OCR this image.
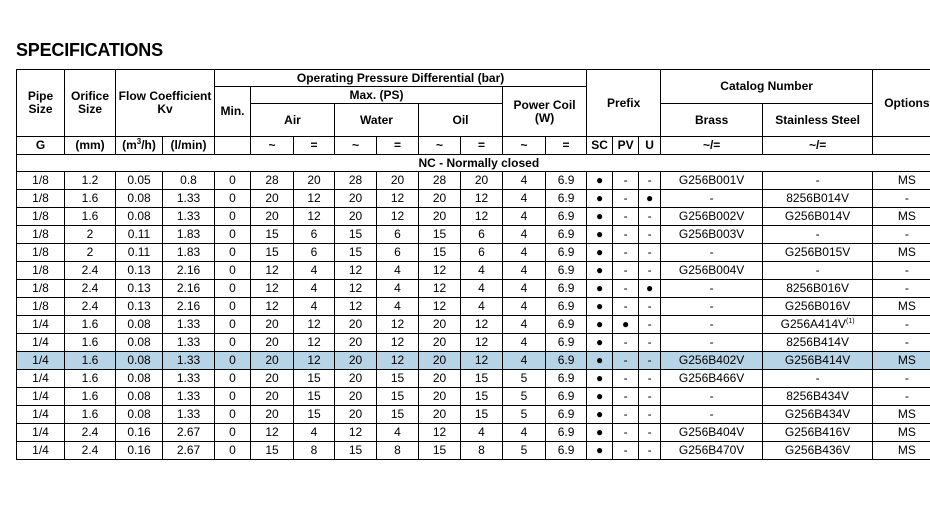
SPECIFICATIONS
Pipe Size	Orifice Size	Flow Coefficient Kv		Operating Pressure Differential (bar)									Prefix			Catalog Number		Options
				Min.	Max. (PS)						Power Coil (W)							
					Air		Water		Oil							Brass	Stainless Steel	
G	(mm)	$(m^3/h)$	(l/min)		~	=	~	=	~	=	~	=	SC	PV	U	~/=	~/=	
NC - Normally closed																		
1/8	1.2	0.05	0.8	0	28	20	28	20	28	20	4	6.9	●	-	-	G256B001V	-	MS
1/8	1.6	0.08	1.33	0	20	12	20	12	20	12	4	6.9	●	-	●	-	8256B014V	-
1/8	1.6	0.08	1.33	0	20	12	20	12	20	12	4	6.9	●	-	-	G256B002V	G256B014V	MS
1/8	2	0.11	1.83	0	15	6	15	6	15	6	4	6.9	●	-	-	G256B003V	-	-
1/8	2	0.11	1.83	0	15	6	15	6	15	6	4	6.9	●	-	-	-	G256B015V	MS
1/8	2.4	0.13	2.16	0	12	4	12	4	12	4	4	6.9	●	-	-	G256B004V	-	-
1/8	2.4	0.13	2.16	0	12	4	12	4	12	4	4	6.9	●	-	●	-	8256B016V	-
1/8	2.4	0.13	2.16	0	12	4	12	4	12	4	4	6.9	●	-	-	-	G256B016V	MS
1/4	1.6	0.08	1.33	0	20	12	20	12	20	12	4	6.9	●	●	-	-	$G256A414V^{(1)}$	-
1/4	1.6	0.08	1.33	0	20	12	20	12	20	12	4	6.9	●	-	-	-	8256B414V	-
1/4	1.6	0.08	1.33	0	20	12	20	12	20	12	4	6.9	●	-	-	G256B402V	G256B414V	MS
1/4	1.6	0.08	1.33	0	20	15	20	15	20	15	5	6.9	●	-	-	G256B466V	-	-
1/4	1.6	0.08	1.33	0	20	15	20	15	20	15	5	6.9	●	-	-	-	8256B434V	-
1/4	1.6	0.08	1.33	0	20	15	20	15	20	15	5	6.9	●	-	-	-	G256B434V	MS
1/4	2.4	0.16	2.67	0	12	4	12	4	12	4	4	6.9	●	-	-	G256B404V	G256B416V	MS
1/4	2.4	0.16	2.67	0	15	8	15	8	15	8	5	6.9	●	-	-	G256B470V	G256B436V	MS
